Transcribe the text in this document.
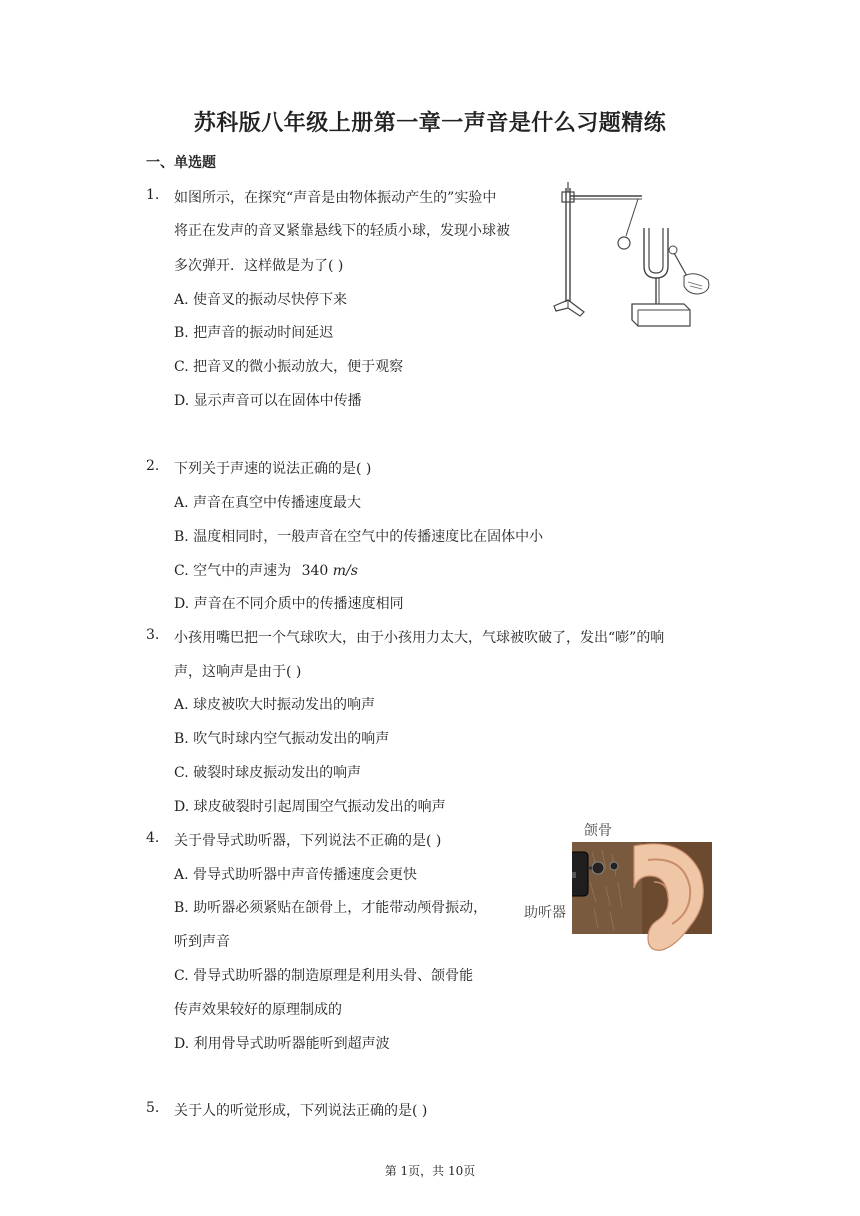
苏科版八年级上册第一章一声音是什么习题精练
一、单选题
1.	如图所示，在探究“声音是由物体振动产生的”实验中
将正在发声的音叉紧靠悬线下的轻质小球，发现小球被
多次弹开．这样做是为了( )
A. 使音叉的振动尽快停下来
B. 把声音的振动时间延迟
C. 把音叉的微小振动放大，便于观察
D. 显示声音可以在固体中传播
2.	下列关于声速的说法正确的是( )
A. 声音在真空中传播速度最大
B. 温度相同时，一般声音在空气中的传播速度比在固体中小
C. 空气中的声速为 340 m/s
D. 声音在不同介质中的传播速度相同
3.	小孩用嘴巴把一个气球吹大，由于小孩用力太大，气球被吹破了，发出“嘭”的响
声，这响声是由于( )
A. 球皮被吹大时振动发出的响声
B. 吹气时球内空气振动发出的响声
C. 破裂时球皮振动发出的响声
D. 球皮破裂时引起周围空气振动发出的响声
4.	关于骨导式助听器，下列说法不正确的是( )
A. 骨导式助听器中声音传播速度会更快
B. 助听器必须紧贴在颌骨上，才能带动颅骨振动，
听到声音
C. 骨导式助听器的制造原理是利用头骨、颌骨能
传声效果较好的原理制成的
D. 利用骨导式助听器能听到超声波
颌骨
助听器
5.	关于人的听觉形成，下列说法正确的是( )
第 1页，共 10页
